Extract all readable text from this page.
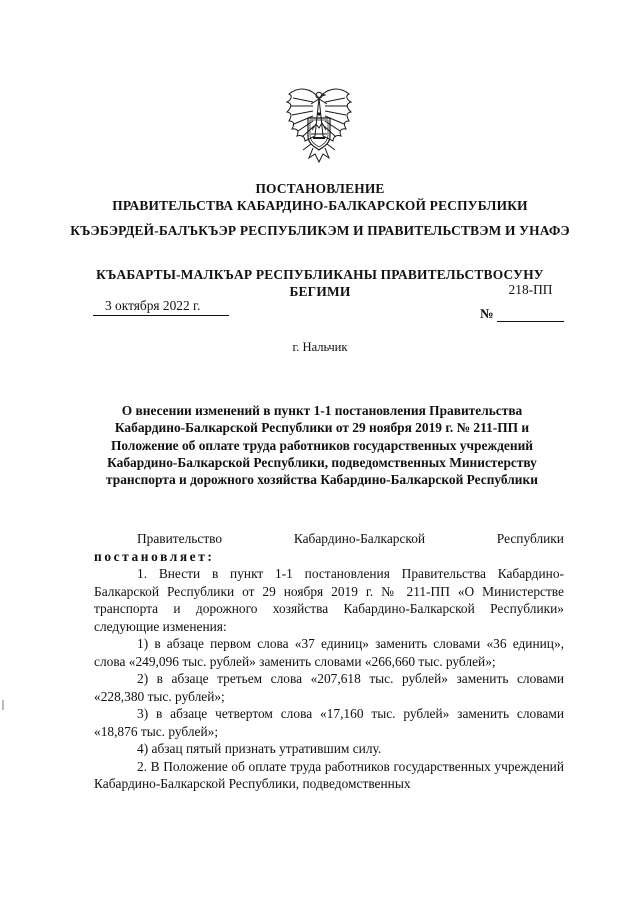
ПОСТАНОВЛЕНИЕ
ПРАВИТЕЛЬСТВА КАБАРДИНО-БАЛКАРСКОЙ РЕСПУБЛИКИ
КЪЭБЭРДЕЙ-БАЛЪКЪЭР РЕСПУБЛИКЭМ И ПРАВИТЕЛЬСТВЭМ И УНАФЭ
КЪАБАРТЫ-МАЛКЪАР РЕСПУБЛИКАНЫ ПРАВИТЕЛЬСТВОСУНУ БЕГИМИ
3 октября 2022 г.
№
218-ПП
г. Нальчик
О внесении изменений в пункт 1-1 постановления Правительства Кабардино-Балкарской Республики от 29 ноября 2019 г. № 211-ПП и Положение об оплате труда работников государственных учреждений Кабардино-Балкарской Республики, подведомственных Министерству транспорта и дорожного хозяйства Кабардино-Балкарской Республики
Правительство	Кабардино-Балкарской	Республики

постановляет:

1. Внести в пункт 1-1 постановления Правительства Кабардино-Балкарской Республики от 29 ноября 2019 г. № 211-ПП «О Министерстве транспорта и дорожного хозяйства Кабардино-Балкарской Республики» следующие изменения:

1) в абзаце первом слова «37 единиц» заменить словами «36 единиц», слова «249,096 тыс. рублей» заменить словами «266,660 тыс. рублей»;

2) в абзаце третьем слова «207,618 тыс. рублей» заменить словами «228,380 тыс. рублей»;

3) в абзаце четвертом слова «17,160 тыс. рублей» заменить словами «18,876 тыс. рублей»;

4) абзац пятый признать утратившим силу.

2. В Положение об оплате труда работников государственных учреждений Кабардино-Балкарской Республики, подведомственных
